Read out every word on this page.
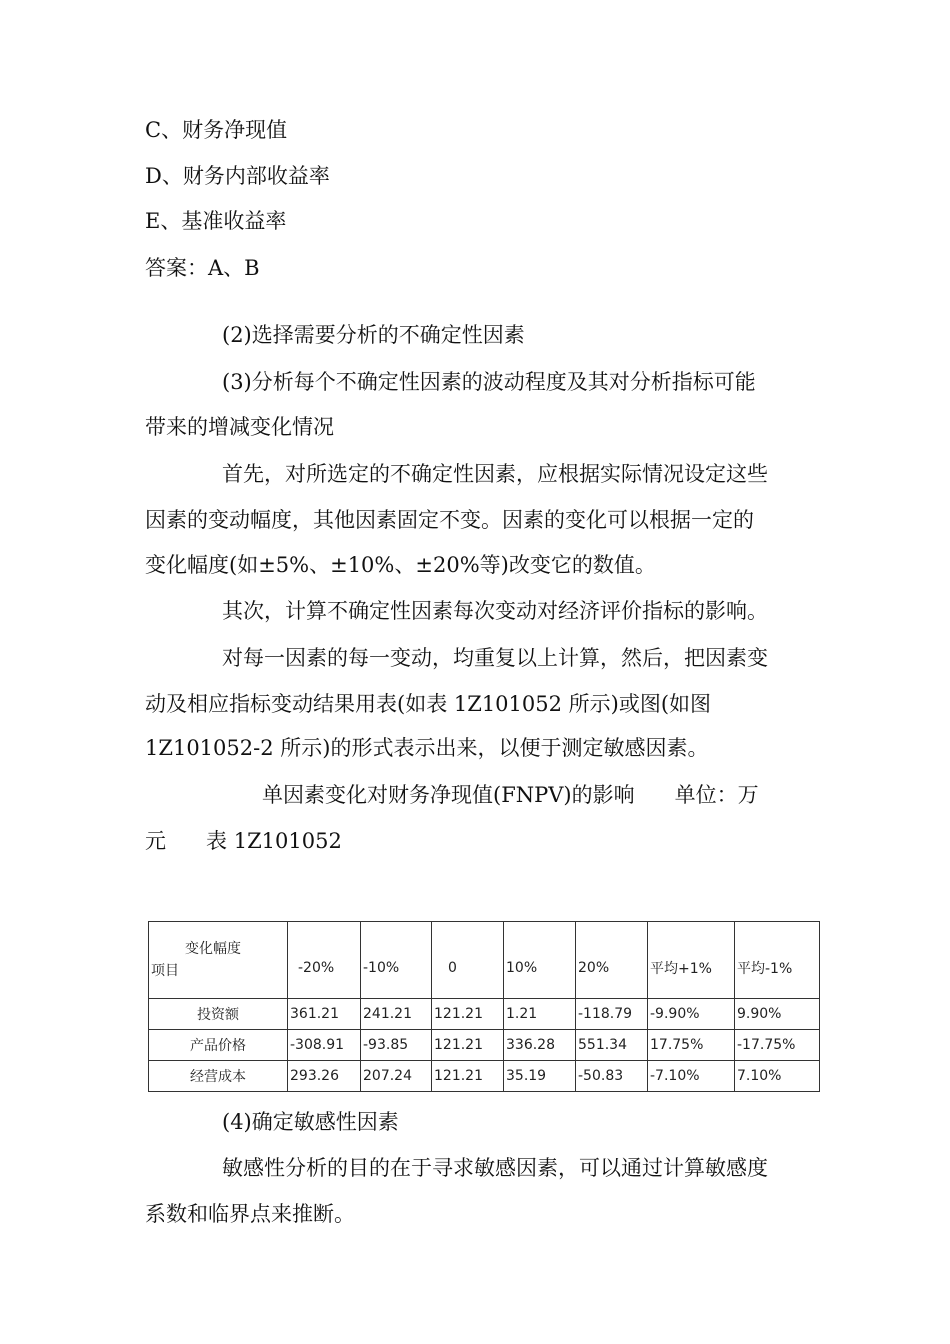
C、财务净现值
D、财务内部收益率
E、基准收益率
答案：A、B
(2)选择需要分析的不确定性因素
(3)分析每个不确定性因素的波动程度及其对分析指标可能
带来的增减变化情况
首先，对所选定的不确定性因素，应根据实际情况设定这些
因素的变动幅度，其他因素固定不变。因素的变化可以根据一定的
变化幅度(如±5%、±10%、±20%等)改变它的数值。
其次，计算不确定性因素每次变动对经济评价指标的影响。
对每一因素的每一变动，均重复以上计算，然后，把因素变
动及相应指标变动结果用表(如表 1Z101052 所示)或图(如图
1Z101052-2 所示)的形式表示出来，以便于测定敏感因素。
单因素变化对财务净现值(FNPV)的影响      单位：万
元      表 1Z101052
变化幅度
项目	-20%	-10%	0	10%	20%	平均+1%	平均-1%
投资额	361.21	241.21	121.21	1.21	-118.79	-9.90%	9.90%
产品价格	-308.91	-93.85	121.21	336.28	551.34	17.75%	-17.75%
经营成本	293.26	207.24	121.21	35.19	-50.83	-7.10%	7.10%
(4)确定敏感性因素
敏感性分析的目的在于寻求敏感因素，可以通过计算敏感度
系数和临界点来推断。
